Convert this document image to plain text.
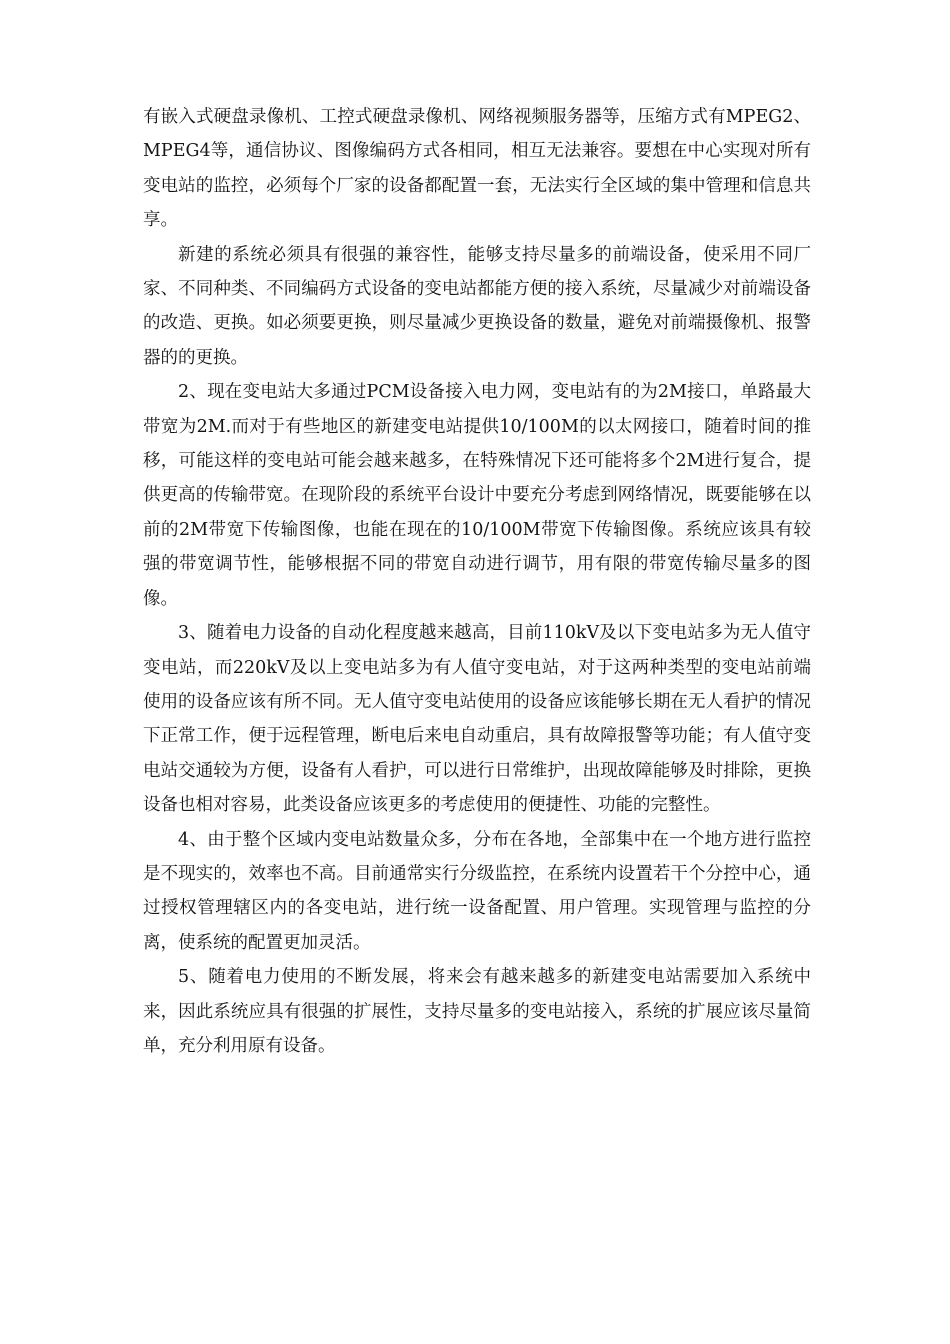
有嵌入式硬盘录像机、工控式硬盘录像机、网络视频服务器等，压缩方式有MPEG2、MPEG4等，通信协议、图像编码方式各相同，相互无法兼容。要想在中心实现对所有变电站的监控，必须每个厂家的设备都配置一套，无法实行全区域的集中管理和信息共享。

新建的系统必须具有很强的兼容性，能够支持尽量多的前端设备，使采用不同厂家、不同种类、不同编码方式设备的变电站都能方便的接入系统，尽量减少对前端设备的改造、更换。如必须要更换，则尽量减少更换设备的数量，避免对前端摄像机、报警器的的更换。

2、现在变电站大多通过PCM设备接入电力网，变电站有的为2M接口，单路最大带宽为2M.而对于有些地区的新建变电站提供10/100M的以太网接口，随着时间的推移，可能这样的变电站可能会越来越多，在特殊情况下还可能将多个2M进行复合，提供更高的传输带宽。在现阶段的系统平台设计中要充分考虑到网络情况，既要能够在以前的2M带宽下传输图像，也能在现在的10/100M带宽下传输图像。系统应该具有较强的带宽调节性，能够根据不同的带宽自动进行调节，用有限的带宽传输尽量多的图像。

3、随着电力设备的自动化程度越来越高，目前110kV及以下变电站多为无人值守变电站，而220kV及以上变电站多为有人值守变电站，对于这两种类型的变电站前端使用的设备应该有所不同。无人值守变电站使用的设备应该能够长期在无人看护的情况下正常工作，便于远程管理，断电后来电自动重启，具有故障报警等功能；有人值守变电站交通较为方便，设备有人看护，可以进行日常维护，出现故障能够及时排除，更换设备也相对容易，此类设备应该更多的考虑使用的便捷性、功能的完整性。

4、由于整个区域内变电站数量众多，分布在各地，全部集中在一个地方进行监控是不现实的，效率也不高。目前通常实行分级监控，在系统内设置若干个分控中心，通过授权管理辖区内的各变电站，进行统一设备配置、用户管理。实现管理与监控的分离，使系统的配置更加灵活。

5、随着电力使用的不断发展，将来会有越来越多的新建变电站需要加入系统中来，因此系统应具有很强的扩展性，支持尽量多的变电站接入，系统的扩展应该尽量简单，充分利用原有设备。
